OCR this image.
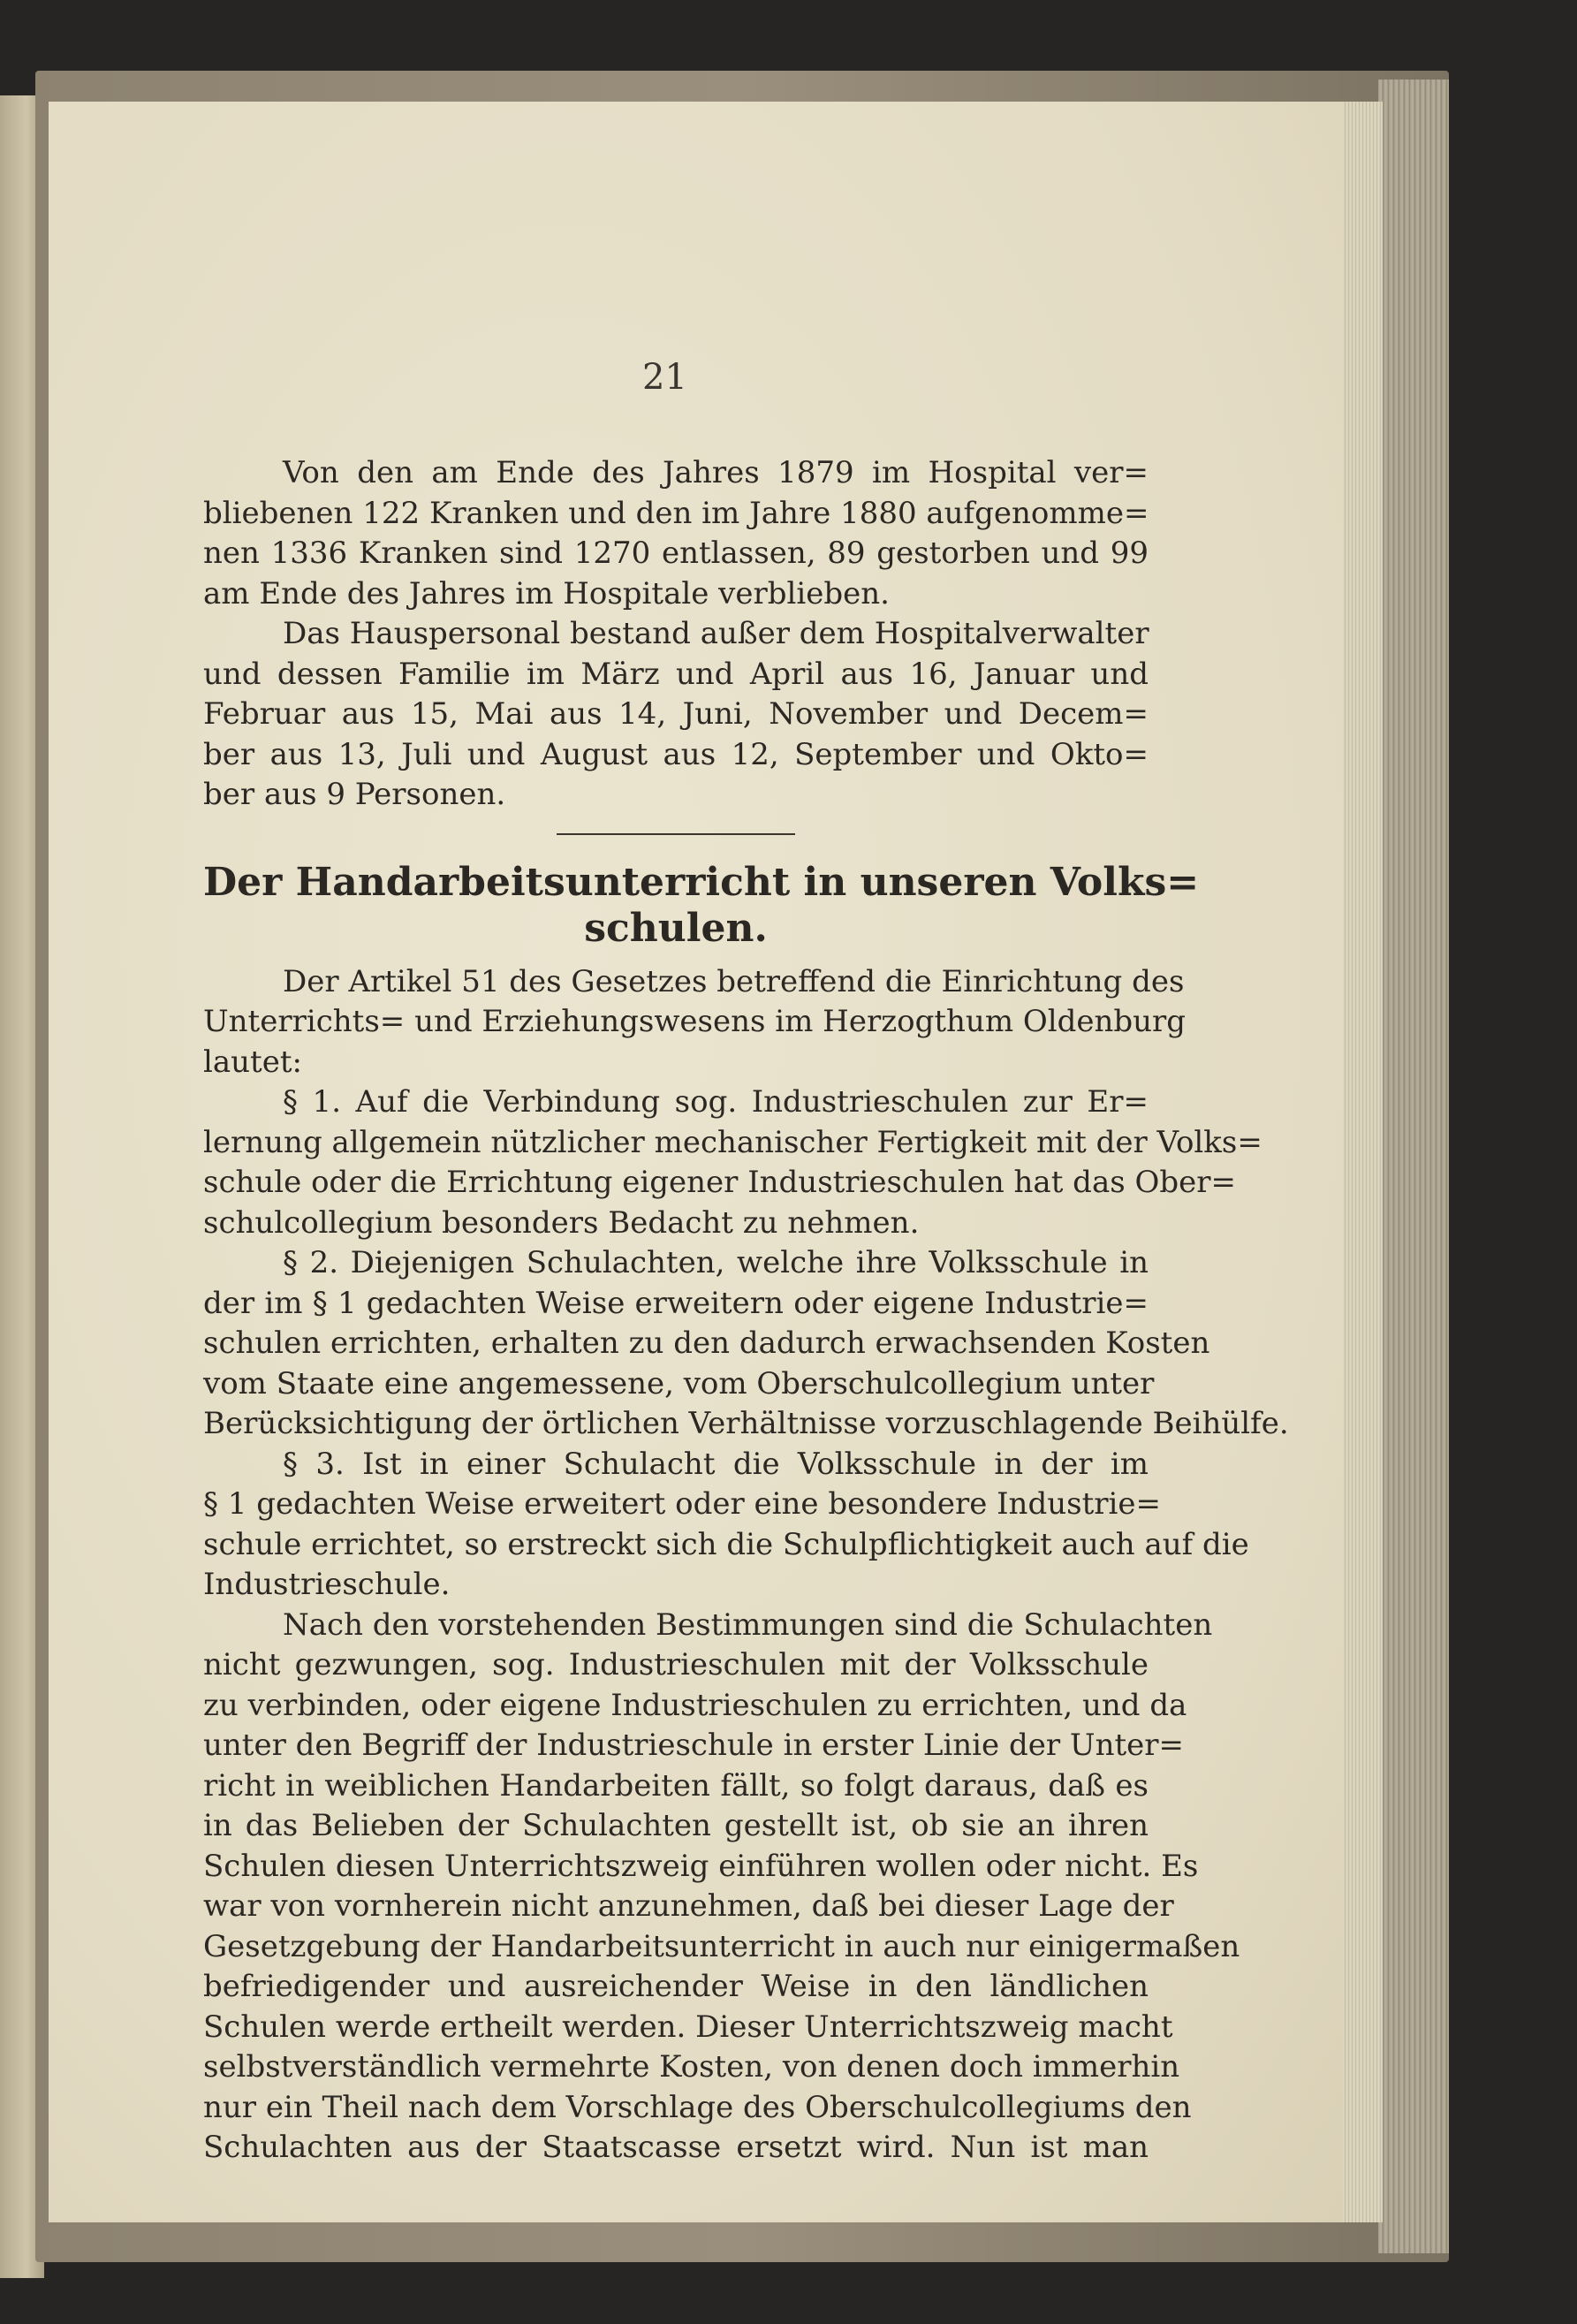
21
Von den am Ende des Jahres 1879 im Hospital ver=
bliebenen 122 Kranken und den im Jahre 1880 aufgenomme=
nen 1336 Kranken sind 1270 entlassen, 89 gestorben und 99
am Ende des Jahres im Hospitale verblieben.
Das Hauspersonal bestand außer dem Hospitalverwalter
und dessen Familie im März und April aus 16, Januar und
Februar aus 15, Mai aus 14, Juni, November und Decem=
ber aus 13, Juli und August aus 12, September und Okto=
ber aus 9 Personen.
Der Handarbeitsunterricht in unseren Volks=
schulen.
Der Artikel 51 des Gesetzes betreffend die Einrichtung des
Unterrichts= und Erziehungswesens im Herzogthum Oldenburg
lautet:
§ 1. Auf die Verbindung sog. Industrieschulen zur Er=
lernung allgemein nützlicher mechanischer Fertigkeit mit der Volks=
schule oder die Errichtung eigener Industrieschulen hat das Ober=
schulcollegium besonders Bedacht zu nehmen.
§ 2. Diejenigen Schulachten, welche ihre Volksschule in
der im § 1 gedachten Weise erweitern oder eigene Industrie=
schulen errichten, erhalten zu den dadurch erwachsenden Kosten
vom Staate eine angemessene, vom Oberschulcollegium unter
Berücksichtigung der örtlichen Verhältnisse vorzuschlagende Beihülfe.
§ 3. Ist in einer Schulacht die Volksschule in der im
§ 1 gedachten Weise erweitert oder eine besondere Industrie=
schule errichtet, so erstreckt sich die Schulpflichtigkeit auch auf die
Industrieschule.
Nach den vorstehenden Bestimmungen sind die Schulachten
nicht gezwungen, sog. Industrieschulen mit der Volksschule
zu verbinden, oder eigene Industrieschulen zu errichten, und da
unter den Begriff der Industrieschule in erster Linie der Unter=
richt in weiblichen Handarbeiten fällt, so folgt daraus, daß es
in das Belieben der Schulachten gestellt ist, ob sie an ihren
Schulen diesen Unterrichtszweig einführen wollen oder nicht. Es
war von vornherein nicht anzunehmen, daß bei dieser Lage der
Gesetzgebung der Handarbeitsunterricht in auch nur einigermaßen
befriedigender und ausreichender Weise in den ländlichen
Schulen werde ertheilt werden. Dieser Unterrichtszweig macht
selbstverständlich vermehrte Kosten, von denen doch immerhin
nur ein Theil nach dem Vorschlage des Oberschulcollegiums den
Schulachten aus der Staatscasse ersetzt wird. Nun ist man
